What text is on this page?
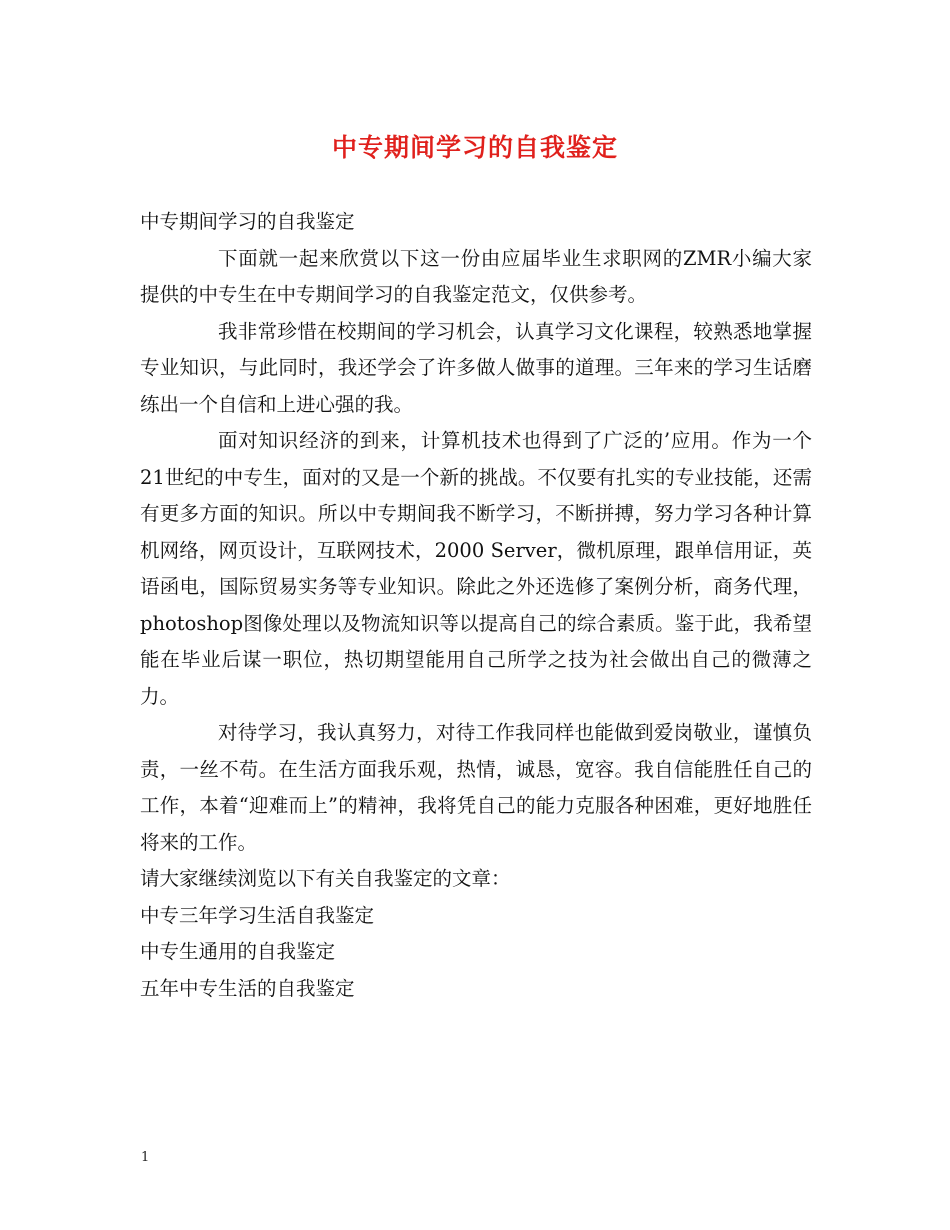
中专期间学习的自我鉴定

中专期间学习的自我鉴定

下面就一起来欣赏以下这一份由应届毕业生求职网的ZMR小编大家提供的中专生在中专期间学习的自我鉴定范文，仅供参考。

我非常珍惜在校期间的学习机会，认真学习文化课程，较熟悉地掌握专业知识，与此同时，我还学会了许多做人做事的道理。三年来的学习生话磨练出一个自信和上进心强的我。

面对知识经济的到来，计算机技术也得到了广泛的’应用。作为一个21世纪的中专生，面对的又是一个新的挑战。不仅要有扎实的专业技能，还需有更多方面的知识。所以中专期间我不断学习，不断拼搏，努力学习各种计算机网络，网页设计，互联网技术，2000 Server，微机原理，跟单信用证，英语函电，国际贸易实务等专业知识。除此之外还选修了案例分析，商务代理，photoshop图像处理以及物流知识等以提高自己的综合素质。鉴于此，我希望能在毕业后谋一职位，热切期望能用自己所学之技为社会做出自己的微薄之力。

对待学习，我认真努力，对待工作我同样也能做到爱岗敬业，谨慎负责，一丝不苟。在生活方面我乐观，热情，诚恳，宽容。我自信能胜任自己的工作，本着“迎难而上”的精神，我将凭自己的能力克服各种困难，更好地胜任将来的工作。

请大家继续浏览以下有关自我鉴定的文章：

中专三年学习生活自我鉴定

中专生通用的自我鉴定

五年中专生活的自我鉴定

1
